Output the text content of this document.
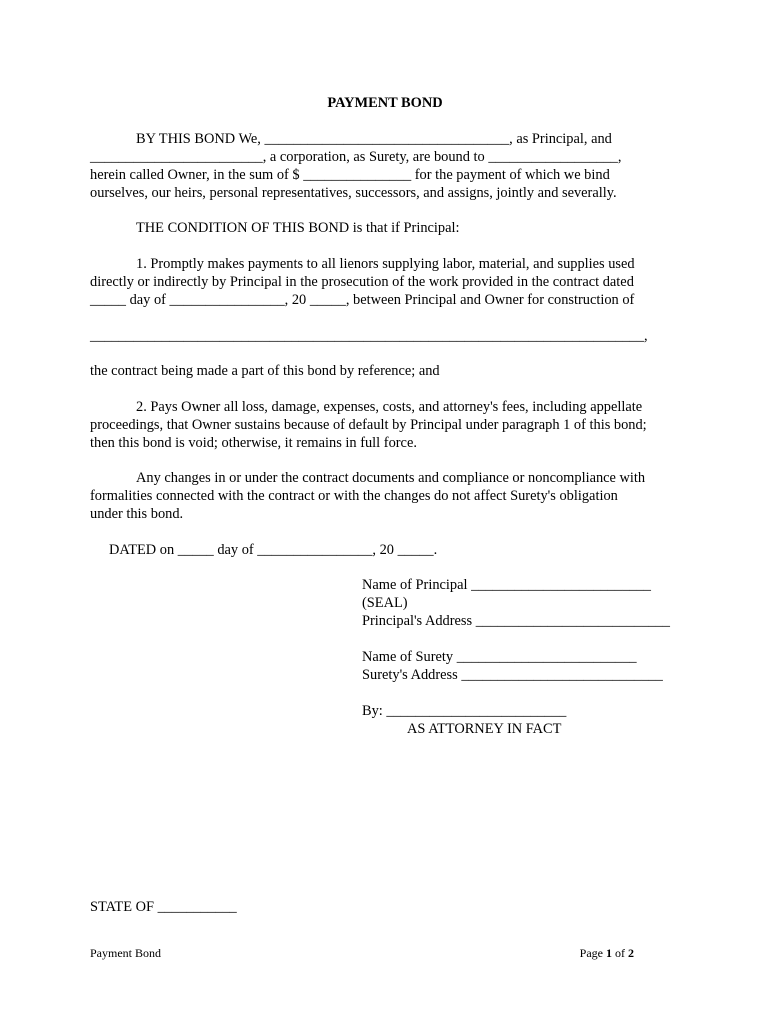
PAYMENT BOND
BY THIS BOND We, __________________________________, as Principal, and
________________________, a corporation, as Surety, are bound to __________________,
herein called Owner, in the sum of $ _______________ for the payment of which we bind
ourselves, our heirs, personal representatives, successors, and assigns, jointly and severally.
THE CONDITION OF THIS BOND is that if Principal:
1. Promptly makes payments to all lienors supplying labor, material, and supplies used
directly or indirectly by Principal in the prosecution of the work provided in the contract dated
_____ day of ________________, 20 _____, between Principal and Owner for construction of
_____________________________________________________________________________,
the contract being made a part of this bond by reference; and
2. Pays Owner all loss, damage, expenses, costs, and attorney's fees, including appellate
proceedings, that Owner sustains because of default by Principal under paragraph 1 of this bond;
then this bond is void; otherwise, it remains in full force.
Any changes in or under the contract documents and compliance or noncompliance with
formalities connected with the contract or with the changes do not affect Surety's obligation
under this bond.
DATED on _____ day of ________________, 20 _____.
Name of Principal _________________________
(SEAL)
Principal's Address ___________________________
Name of Surety _________________________
Surety's Address ____________________________
By: _________________________
AS ATTORNEY IN FACT
STATE OF ___________
Payment Bond	Page 1 of 2
